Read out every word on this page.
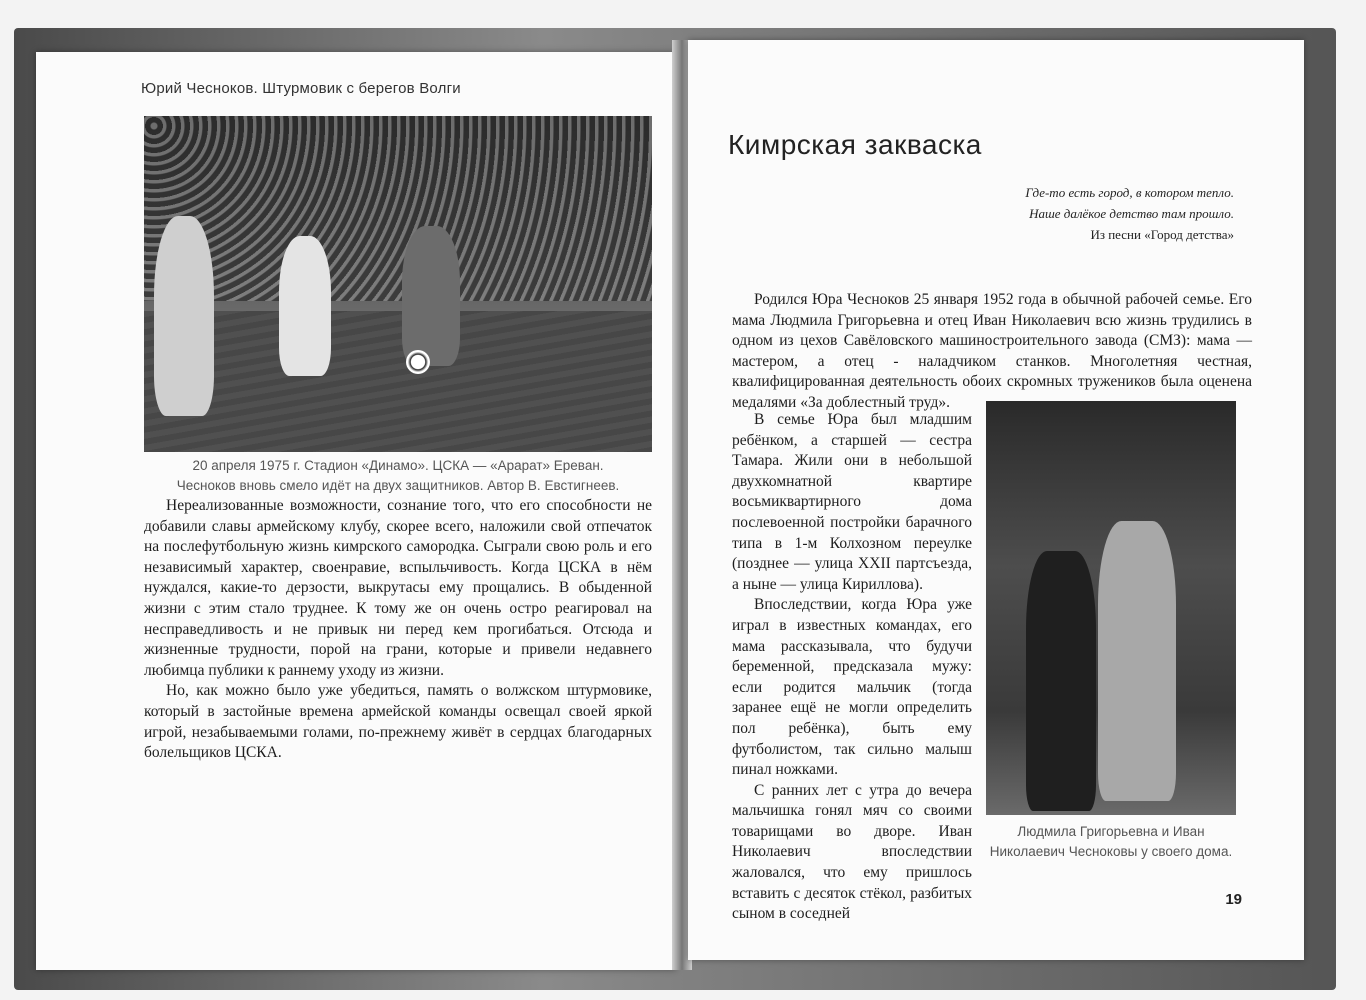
Юрий Чесноков. Штурмовик с берегов Волги
20 апреля 1975 г. Стадион «Динамо». ЦСКА — «Арарат» Ереван.
Чесноков вновь смело идёт на двух защитников. Автор В. Евстигнеев.

Нереализованные возможности, сознание того, что его способности не добавили славы армейскому клубу, скорее всего, наложили свой отпечаток на послефутбольную жизнь кимрского самородка. Сыграли свою роль и его независимый характер, своенравие, вспыльчивость. Когда ЦСКА в нём нуждался, какие-то дерзости, выкрутасы ему прощались. В обыденной жизни с этим стало труднее. К тому же он очень остро реагировал на несправедливость и не привык ни перед кем прогибаться. Отсюда и жизненные трудности, порой на грани, которые и привели недавнего любимца публики к раннему уходу из жизни.

Но, как можно было уже убедиться, память о волжском штурмовике, который в застойные времена армейской команды освещал своей яркой игрой, незабываемыми голами, по-прежнему живёт в сердцах благодарных болельщиков ЦСКА.

Кимрская закваска
Где-то есть город, в котором тепло.
Наше далёкое детство там прошло.
Из песни «Город детства»

Родился Юра Чесноков 25 января 1952 года в обычной рабочей семье. Его мама Людмила Григорьевна и отец Иван Николаевич всю жизнь трудились в одном из цехов Савёловского машиностроительного завода (СМЗ): мама — мастером, а отец - наладчиком станков. Многолетняя честная, квалифицированная деятельность обоих скромных тружеников была оценена медалями «За доблестный труд».

В семье Юра был младшим ребёнком, а старшей — сестра Тамара. Жили они в небольшой двухкомнатной квартире восьмиквартирного дома послевоенной постройки барачного типа в 1-м Колхозном переулке (позднее — улица XXII партсъезда, а ныне — улица Кириллова).

Впоследствии, когда Юра уже играл в известных командах, его мама рассказывала, что будучи беременной, предсказала мужу: если родится мальчик (тогда заранее ещё не могли определить пол ребёнка), быть ему футболистом, так сильно малыш пинал ножками.

С ранних лет с утра до вечера мальчишка гонял мяч со своими товарищами во дворе. Иван Николаевич впоследствии жаловался, что ему пришлось вставить с десяток стёкол, разбитых сыном в соседней

Людмила Григорьевна и Иван
Николаевич Чесноковы у своего дома.
19
